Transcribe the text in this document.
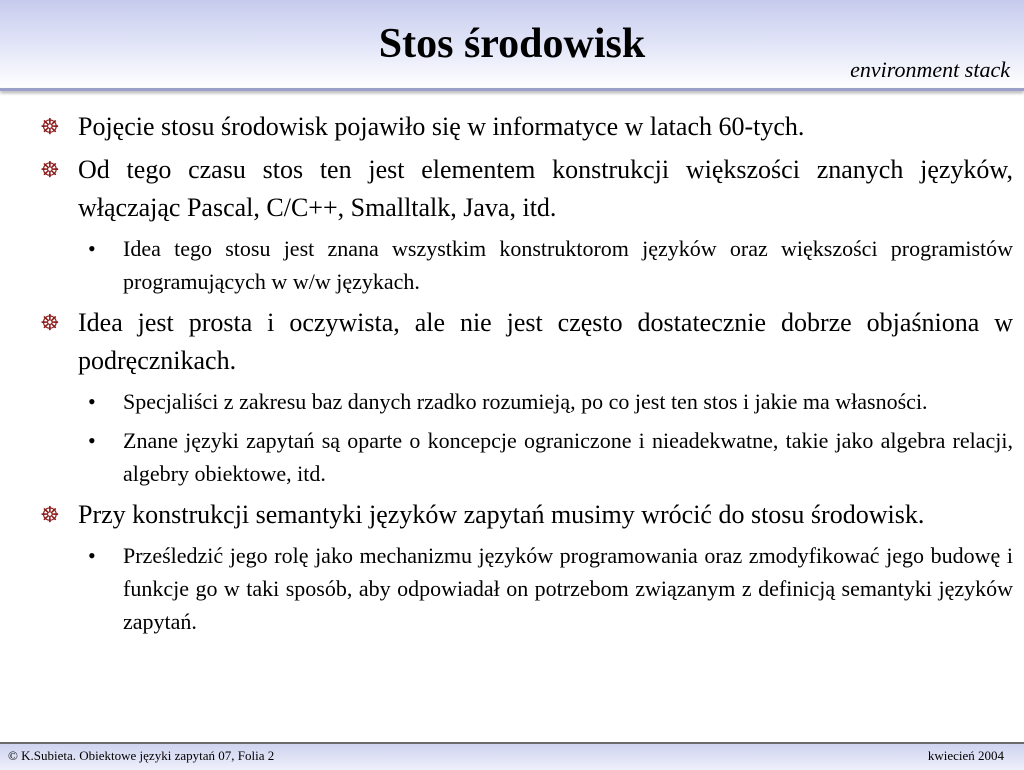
Stos środowisk
environment stack
☸ Pojęcie stosu środowisk pojawiło się w informatyce w latach 60-tych.
☸ Od tego czasu stos ten jest elementem konstrukcji większości znanych języków, włączając Pascal, C/C++, Smalltalk, Java, itd.
• Idea tego stosu jest znana wszystkim konstruktorom języków oraz większości programistów programujących w w/w językach.
☸ Idea jest prosta i oczywista, ale nie jest często dostatecznie dobrze objaśniona w podręcznikach.
• Specjaliści z zakresu baz danych rzadko rozumieją, po co jest ten stos i jakie ma własności.
• Znane języki zapytań są oparte o koncepcje ograniczone i nieadekwatne, takie jako algebra relacji, algebry obiektowe, itd.
☸ Przy konstrukcji semantyki języków zapytań musimy wrócić do stosu środowisk.
• Prześledzić jego rolę jako mechanizmu języków programowania oraz zmodyfikować jego budowę i funkcje go w taki sposób, aby odpowiadał on potrzebom związanym z definicją semantyki języków zapytań.
© K.Subieta. Obiektowe języki zapytań 07, Folia 2	kwiecień 2004
